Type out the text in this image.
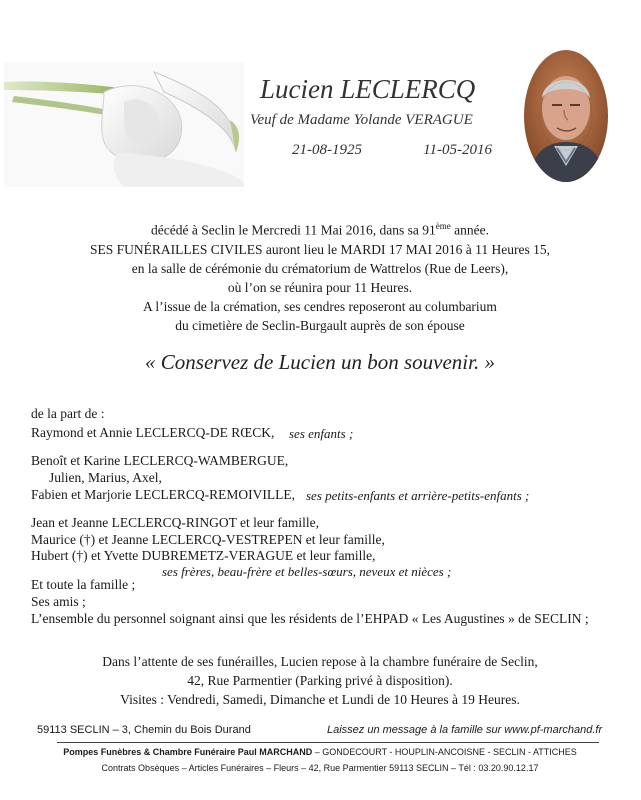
Lucien LECLERCQ
Veuf de Madame Yolande VERAGUE
21-08-1925	11-05-2016
décédé à Seclin le Mercredi 11 Mai 2016, dans sa 91ème année.
SES FUNÉRAILLES CIVILES auront lieu le MARDI 17 MAI 2016 à 11 Heures 15,
en la salle de cérémonie du crématorium de Wattrelos (Rue de Leers),
où l’on se réunira pour 11 Heures.
A l’issue de la crémation, ses cendres reposeront au columbarium
du cimetière de Seclin-Burgault auprès de son épouse
« Conservez de Lucien un bon souvenir. »
de la part de :
Raymond et Annie LECLERCQ-DE RŒCK, ses enfants ;
Benoît et Karine LECLERCQ-WAMBERGUE,
Julien, Marius, Axel,
Fabien et Marjorie LECLERCQ-REMOIVILLE, ses petits-enfants et arrière-petits-enfants ;
Jean et Jeanne LECLERCQ-RINGOT et leur famille,
Maurice (†) et Jeanne LECLERCQ-VESTREPEN et leur famille,
Hubert (†) et Yvette DUBREMETZ-VERAGUE et leur famille,
ses frères, beau-frère et belles-sœurs, neveux et nièces ;
Et toute la famille ;
Ses amis ;
L’ensemble du personnel soignant ainsi que les résidents de l’EHPAD « Les Augustines » de SECLIN ;
Dans l’attente de ses funérailles, Lucien repose à la chambre funéraire de Seclin,
42, Rue Parmentier (Parking privé à disposition).
Visites : Vendredi, Samedi, Dimanche et Lundi de 10 Heures à 19 Heures.
59113 SECLIN – 3, Chemin du Bois Durand	Laissez un message à la famille sur www.pf-marchand.fr
Pompes Funèbres & Chambre Funéraire Paul MARCHAND – GONDECOURT - HOUPLIN-ANCOISNE - SECLIN - ATTICHES
Contrats Obsèques – Articles Funéraires – Fleurs – 42, Rue Parmentier 59113 SECLIN – Tél : 03.20.90.12.17
